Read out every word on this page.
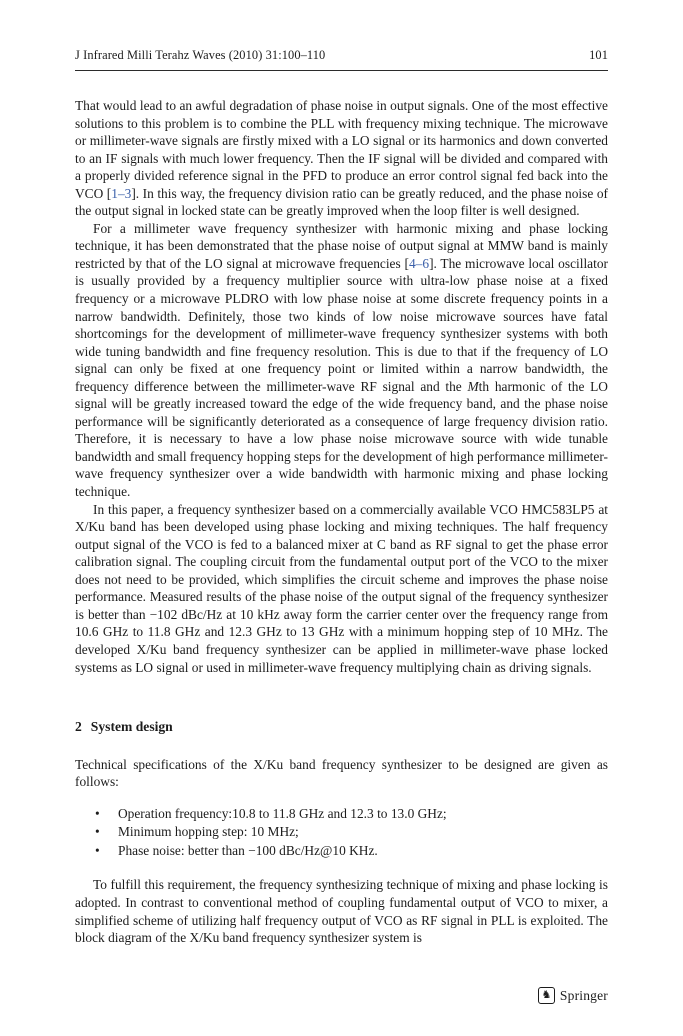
J Infrared Milli Terahz Waves (2010) 31:100–110	101

That would lead to an awful degradation of phase noise in output signals. One of the most effective solutions to this problem is to combine the PLL with frequency mixing technique. The microwave or millimeter-wave signals are firstly mixed with a LO signal or its harmonics and down converted to an IF signals with much lower frequency. Then the IF signal will be divided and compared with a properly divided reference signal in the PFD to produce an error control signal fed back into the VCO [1–3]. In this way, the frequency division ratio can be greatly reduced, and the phase noise of the output signal in locked state can be greatly improved when the loop filter is well designed.

For a millimeter wave frequency synthesizer with harmonic mixing and phase locking technique, it has been demonstrated that the phase noise of output signal at MMW band is mainly restricted by that of the LO signal at microwave frequencies [4–6]. The microwave local oscillator is usually provided by a frequency multiplier source with ultra-low phase noise at a fixed frequency or a microwave PLDRO with low phase noise at some discrete frequency points in a narrow bandwidth. Definitely, those two kinds of low noise microwave sources have fatal shortcomings for the development of millimeter-wave frequency synthesizer systems with both wide tuning bandwidth and fine frequency resolution. This is due to that if the frequency of LO signal can only be fixed at one frequency point or limited within a narrow bandwidth, the frequency difference between the millimeter-wave RF signal and the Mth harmonic of the LO signal will be greatly increased toward the edge of the wide frequency band, and the phase noise performance will be significantly deteriorated as a consequence of large frequency division ratio. Therefore, it is necessary to have a low phase noise microwave source with wide tunable bandwidth and small frequency hopping steps for the development of high performance millimeter-wave frequency synthesizer over a wide bandwidth with harmonic mixing and phase locking technique.

In this paper, a frequency synthesizer based on a commercially available VCO HMC583LP5 at X/Ku band has been developed using phase locking and mixing techniques. The half frequency output signal of the VCO is fed to a balanced mixer at C band as RF signal to get the phase error calibration signal. The coupling circuit from the fundamental output port of the VCO to the mixer does not need to be provided, which simplifies the circuit scheme and improves the phase noise performance. Measured results of the phase noise of the output signal of the frequency synthesizer is better than −102 dBc/Hz at 10 kHz away form the carrier center over the frequency range from 10.6 GHz to 11.8 GHz and 12.3 GHz to 13 GHz with a minimum hopping step of 10 MHz. The developed X/Ku band frequency synthesizer can be applied in millimeter-wave phase locked systems as LO signal or used in millimeter-wave frequency multiplying chain as driving signals.

2 System design

Technical specifications of the X/Ku band frequency synthesizer to be designed are given as follows:

• Operation frequency:10.8 to 11.8 GHz and 12.3 to 13.0 GHz;
• Minimum hopping step: 10 MHz;
• Phase noise: better than −100 dBc/Hz@10 KHz.

To fulfill this requirement, the frequency synthesizing technique of mixing and phase locking is adopted. In contrast to conventional method of coupling fundamental output of VCO to mixer, a simplified scheme of utilizing half frequency output of VCO as RF signal in PLL is exploited. The block diagram of the X/Ku band frequency synthesizer system is

♞ Springer
